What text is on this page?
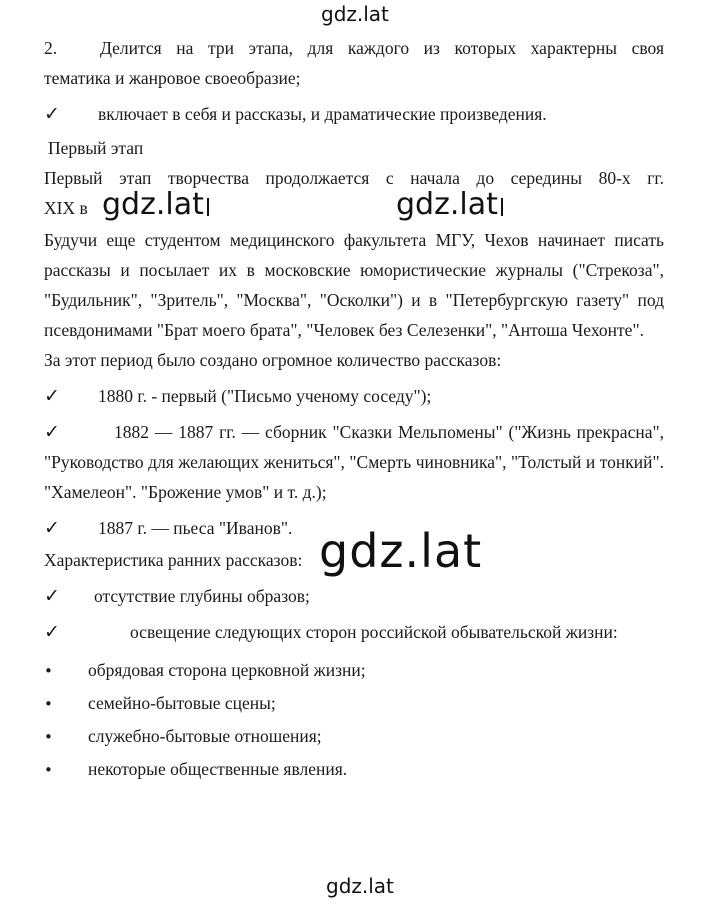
gdz.lat
gdz.lat	gdz.lat
gdz.lat
gdz.lat

2. Делится на три этапа, для каждого из которых характерны своя

тематика и жанровое своеобразие;

✓ включает в себя и рассказы, и драматические произведения.

Первый этап

Первый этап творчества продолжается с начала до середины 80-х гг.

XIX в

Будучи еще студентом медицинского факультета МГУ, Чехов начинает писать рассказы и посылает их в московские юмористические журналы ("Стрекоза", "Будильник", "Зритель", "Москва", "Осколки") и в "Петербургскую газету" под псевдонимами "Брат моего брата", "Человек без Селезенки", "Антоша Чехонте".

За этот период было создано огромное количество рассказов:

✓ 1880 г. - первый ("Письмо ученому соседу");

✓	1882 — 1887 гг. — сборник "Сказки Мельпомены" ("Жизнь прекрасна", "Руководство для желающих жениться", "Смерть чиновника", "Толстый и тонкий". "Хамелеон". "Брожение умов" и т. д.);

✓ 1887 г. — пьеса "Иванов".

Характеристика ранних рассказов:

✓ отсутствие глубины образов;

✓	освещение следующих сторон российской обывательской жизни:

• обрядовая сторона церковной жизни;

• семейно-бытовые сцены;

• служебно-бытовые отношения;

• некоторые общественные явления.
